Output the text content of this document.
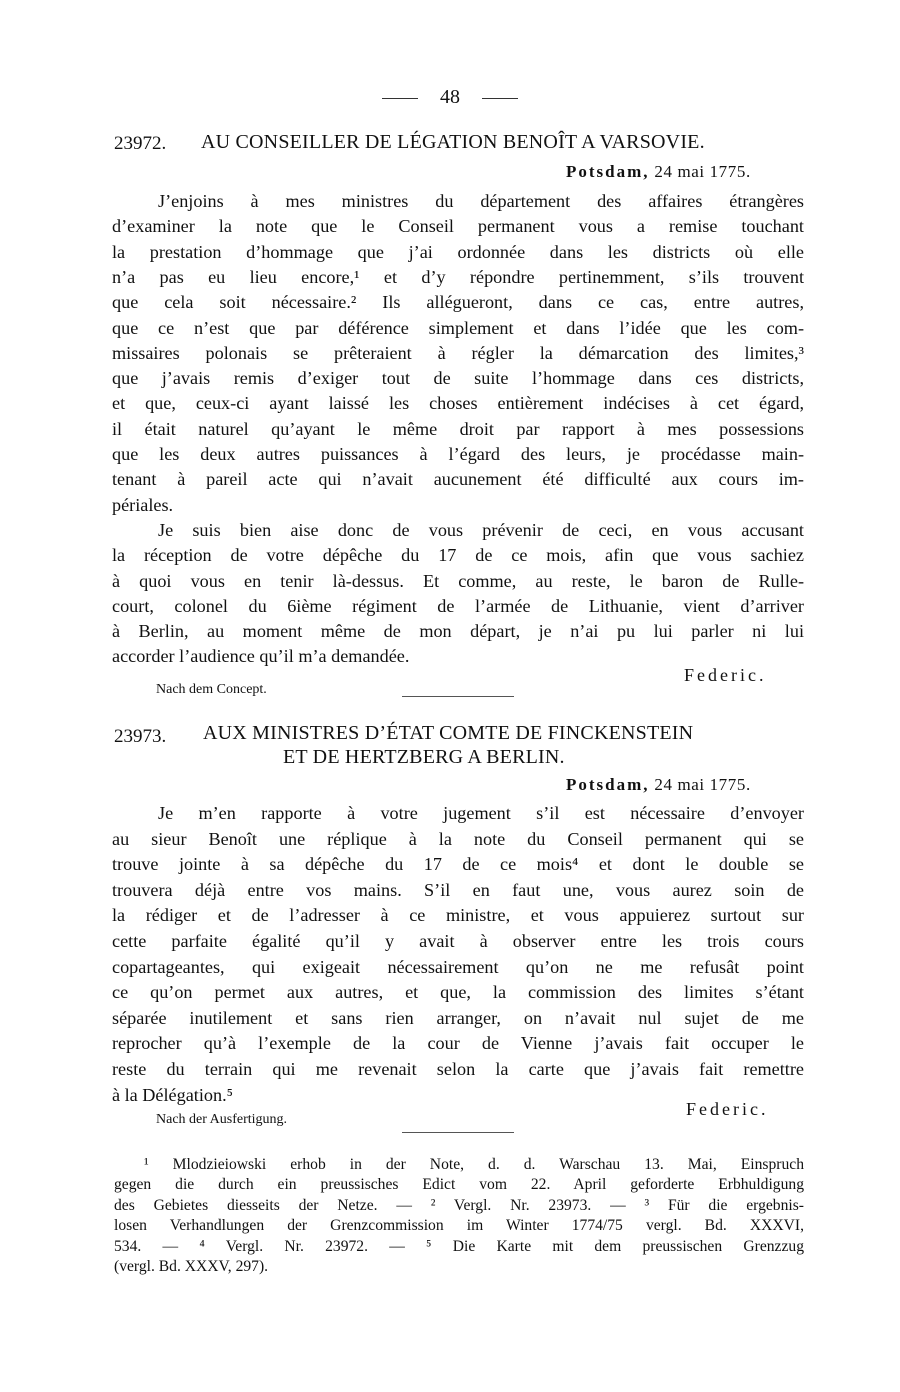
48
23972. AU CONSEILLER DE LÉGATION BENOÎT A VARSOVIE.
Potsdam, 24 mai 1775.
J’enjoins à mes ministres du département des affaires étrangères
d’examiner la note que le Conseil permanent vous a remise touchant
la prestation d’hommage que j’ai ordonnée dans les districts où elle
n’a pas eu lieu encore,¹ et d’y répondre pertinemment, s’ils trouvent
que cela soit nécessaire.² Ils allégueront, dans ce cas, entre autres,
que ce n’est que par déférence simplement et dans l’idée que les com-
missaires polonais se prêteraient à régler la démarcation des limites,³
que j’avais remis d’exiger tout de suite l’hommage dans ces districts,
et que, ceux-ci ayant laissé les choses entièrement indécises à cet égard,
il était naturel qu’ayant le même droit par rapport à mes possessions
que les deux autres puissances à l’égard des leurs, je procédasse main-
tenant à pareil acte qui n’avait aucunement été difficulté aux cours im-
périales.
Je suis bien aise donc de vous prévenir de ceci, en vous accusant
la réception de votre dépêche du 17 de ce mois, afin que vous sachiez
à quoi vous en tenir là-dessus. Et comme, au reste, le baron de Rulle-
court, colonel du 6ième régiment de l’armée de Lithuanie, vient d’arriver
à Berlin, au moment même de mon départ, je n’ai pu lui parler ni lui
accorder l’audience qu’il m’a demandée.
Federic.
Nach dem Concept.
23973. AUX MINISTRES D’ÉTAT COMTE DE FINCKENSTEIN
ET DE HERTZBERG A BERLIN.
Potsdam, 24 mai 1775.
Je m’en rapporte à votre jugement s’il est nécessaire d’envoyer
au sieur Benoît une réplique à la note du Conseil permanent qui se
trouve jointe à sa dépêche du 17 de ce mois⁴ et dont le double se
trouvera déjà entre vos mains. S’il en faut une, vous aurez soin de
la rédiger et de l’adresser à ce ministre, et vous appuierez surtout sur
cette parfaite égalité qu’il y avait à observer entre les trois cours
copartageantes, qui exigeait nécessairement qu’on ne me refusât point
ce qu’on permet aux autres, et que, la commission des limites s’étant
séparée inutilement et sans rien arranger, on n’avait nul sujet de me
reprocher qu’à l’exemple de la cour de Vienne j’avais fait occuper le
reste du terrain qui me revenait selon la carte que j’avais fait remettre
à la Délégation.⁵
Federic.
Nach der Ausfertigung.
¹ Mlodzieiowski erhob in der Note, d. d. Warschau 13. Mai, Einspruch
gegen die durch ein preussisches Edict vom 22. April geforderte Erbhuldigung
des Gebietes diesseits der Netze. — ² Vergl. Nr. 23973. — ³ Für die ergebnis-
losen Verhandlungen der Grenzcommission im Winter 1774/75 vergl. Bd. XXXVI,
534. — ⁴ Vergl. Nr. 23972. — ⁵ Die Karte mit dem preussischen Grenzzug
(vergl. Bd. XXXV, 297).
